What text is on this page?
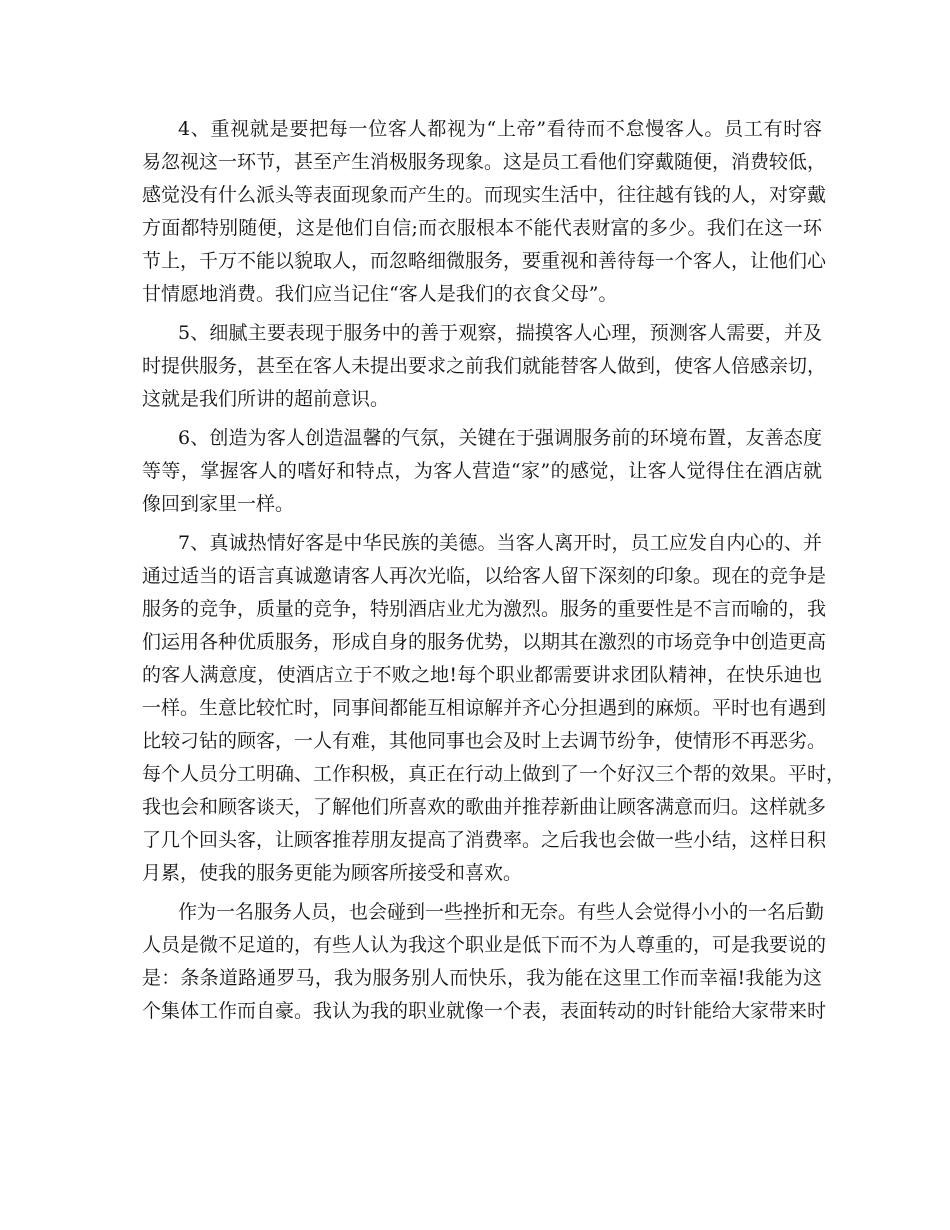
4、重视就是要把每一位客人都视为“上帝”看待而不怠慢客人。员工有时容
易忽视这一环节，甚至产生消极服务现象。这是员工看他们穿戴随便，消费较低，
感觉没有什么派头等表面现象而产生的。而现实生活中，往往越有钱的人，对穿戴
方面都特别随便，这是他们自信;而衣服根本不能代表财富的多少。我们在这一环
节上，千万不能以貌取人，而忽略细微服务，要重视和善待每一个客人，让他们心
甘情愿地消费。我们应当记住“客人是我们的衣食父母”。
5、细腻主要表现于服务中的善于观察，揣摸客人心理，预测客人需要，并及
时提供服务，甚至在客人未提出要求之前我们就能替客人做到，使客人倍感亲切，
这就是我们所讲的超前意识。
6、创造为客人创造温馨的气氛，关键在于强调服务前的环境布置，友善态度
等等，掌握客人的嗜好和特点，为客人营造“家”的感觉，让客人觉得住在酒店就
像回到家里一样。
7、真诚热情好客是中华民族的美德。当客人离开时，员工应发自内心的、并
通过适当的语言真诚邀请客人再次光临，以给客人留下深刻的印象。现在的竞争是
服务的竞争，质量的竞争，特别酒店业尤为激烈。服务的重要性是不言而喻的，我
们运用各种优质服务，形成自身的服务优势，以期其在激烈的市场竞争中创造更高
的客人满意度，使酒店立于不败之地!每个职业都需要讲求团队精神，在快乐迪也
一样。生意比较忙时，同事间都能互相谅解并齐心分担遇到的麻烦。平时也有遇到
比较刁钻的顾客，一人有难，其他同事也会及时上去调节纷争，使情形不再恶劣。
每个人员分工明确、工作积极，真正在行动上做到了一个好汉三个帮的效果。平时，
我也会和顾客谈天，了解他们所喜欢的歌曲并推荐新曲让顾客满意而归。这样就多
了几个回头客，让顾客推荐朋友提高了消费率。之后我也会做一些小结，这样日积
月累，使我的服务更能为顾客所接受和喜欢。
作为一名服务人员，也会碰到一些挫折和无奈。有些人会觉得小小的一名后勤
人员是微不足道的，有些人认为我这个职业是低下而不为人尊重的，可是我要说的
是：条条道路通罗马，我为服务别人而快乐，我为能在这里工作而幸福!我能为这
个集体工作而自豪。我认为我的职业就像一个表，表面转动的时针能给大家带来时
